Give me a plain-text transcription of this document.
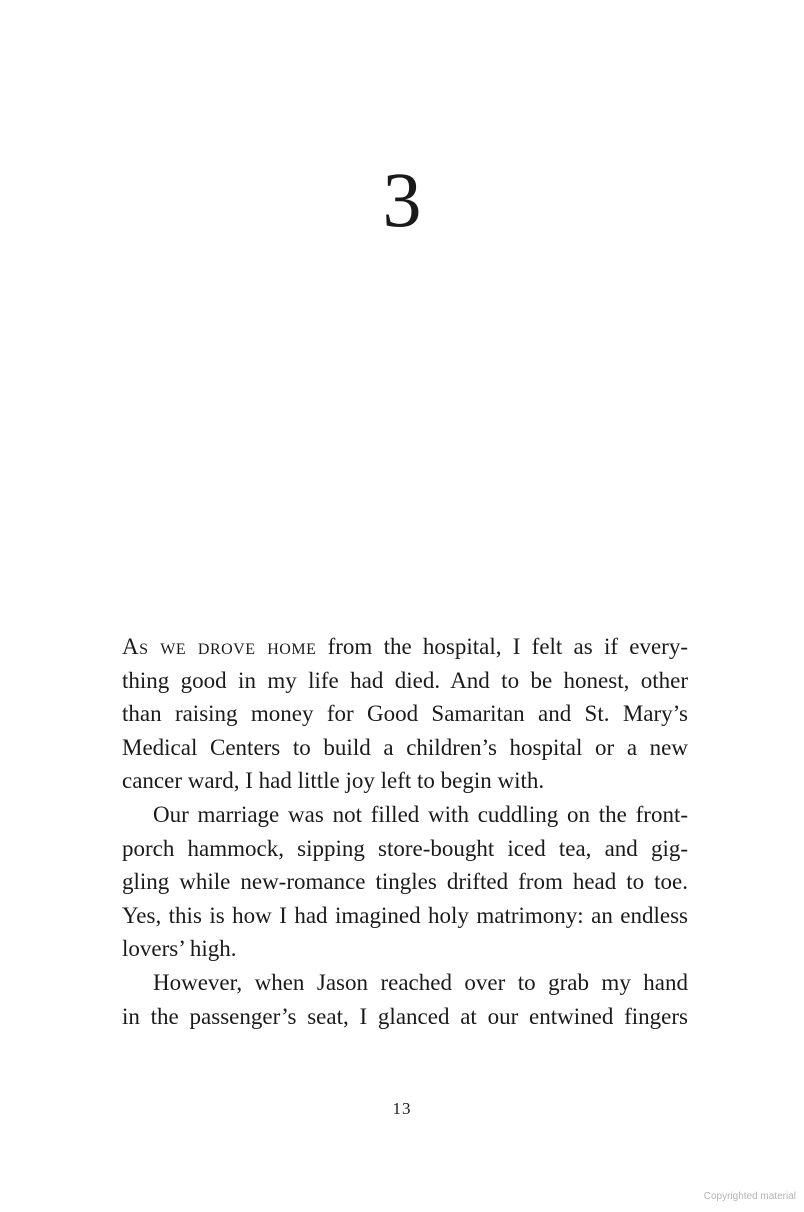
3
As we drove home from the hospital, I felt as if every-
thing good in my life had died. And to be honest, other
than raising money for Good Samaritan and St. Mary’s
Medical Centers to build a children’s hospital or a new
cancer ward, I had little joy left to begin with.
Our marriage was not filled with cuddling on the front-
porch hammock, sipping store-bought iced tea, and gig-
gling while new-romance tingles drifted from head to toe.
Yes, this is how I had imagined holy matrimony: an endless
lovers’ high.
However, when Jason reached over to grab my hand
in the passenger’s seat, I glanced at our entwined fingers
13
Copyrighted material
